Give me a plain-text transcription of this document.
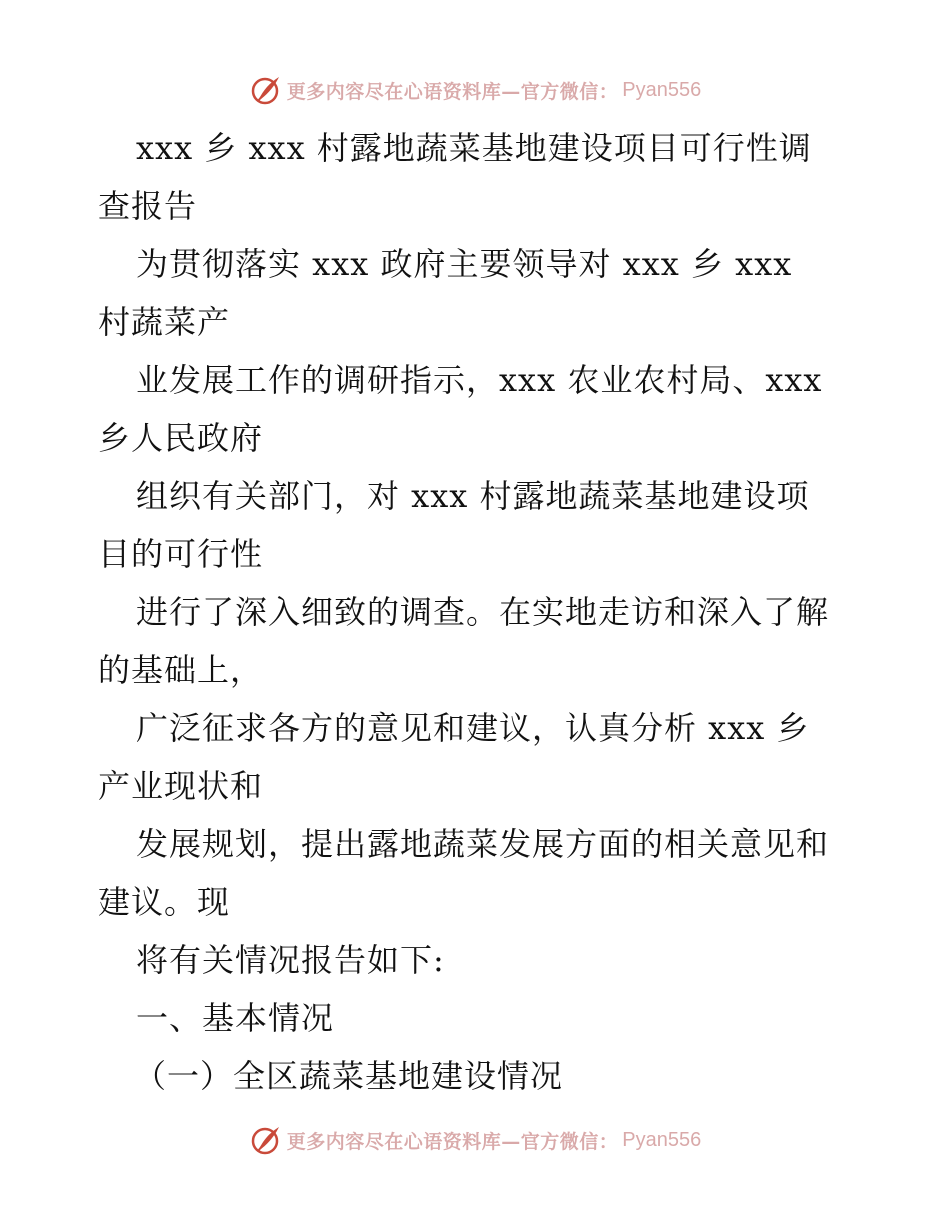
更多内容尽在心语资料库—官方微信： Pyan556
xxx 乡 xxx 村露地蔬菜基地建设项目可行性调
查报告
为贯彻落实 xxx 政府主要领导对 xxx 乡 xxx
村蔬菜产
业发展工作的调研指示，xxx 农业农村局、xxx
乡人民政府
组织有关部门，对 xxx 村露地蔬菜基地建设项
目的可行性
进行了深入细致的调查。在实地走访和深入了解
的基础上，
广泛征求各方的意见和建议，认真分析 xxx 乡
产业现状和
发展规划，提出露地蔬菜发展方面的相关意见和
建议。现
将有关情况报告如下:
一、基本情况
（一）全区蔬菜基地建设情况
更多内容尽在心语资料库—官方微信： Pyan556
